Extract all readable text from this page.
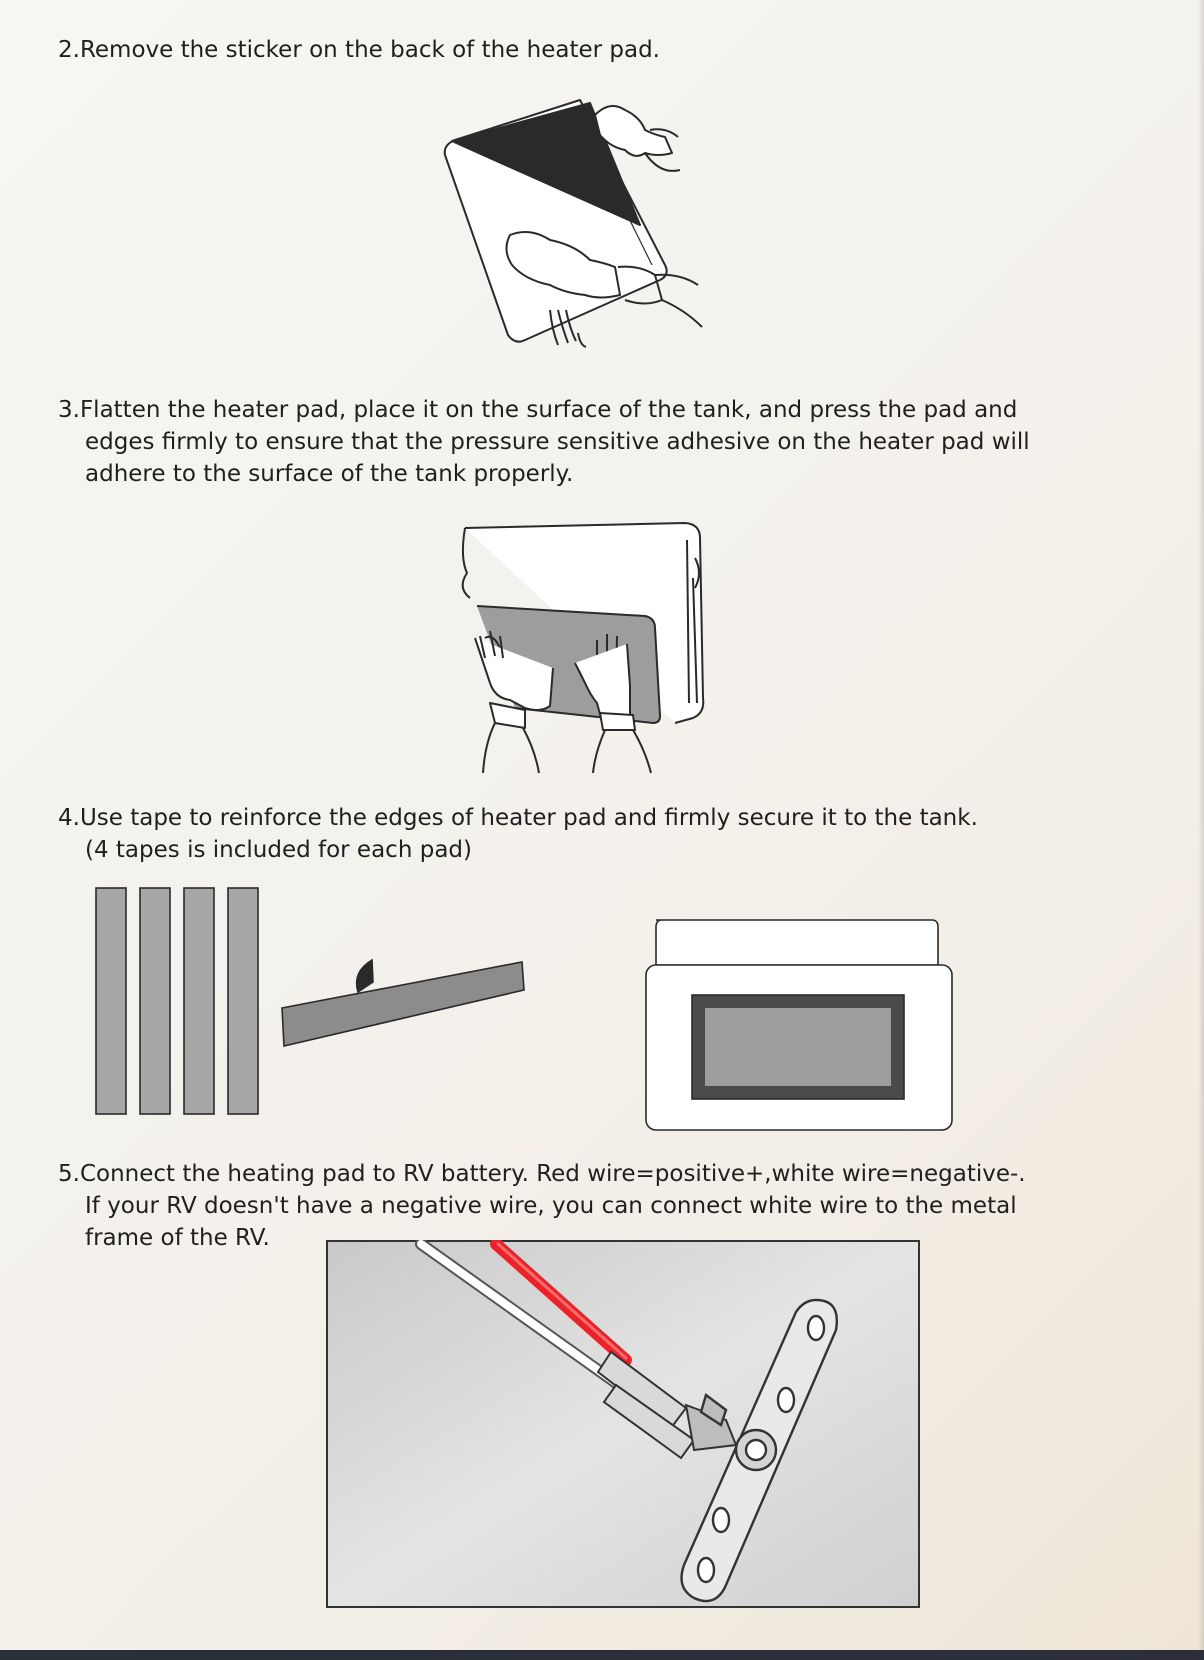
2.Remove the sticker on the back of the heater pad.

3.Flatten the heater pad, place it on the surface of the tank, and press the pad and
edges firmly to ensure that the pressure sensitive adhesive on the heater pad will
adhere to the surface of the tank properly.

4.Use tape to reinforce the edges of heater pad and firmly secure it to the tank.
(4 tapes is included for each pad)

5.Connect the heating pad to RV battery. Red wire=positive+,white wire=negative-.
If your RV doesn't have a negative wire, you can connect white wire to the metal
frame of the RV.
